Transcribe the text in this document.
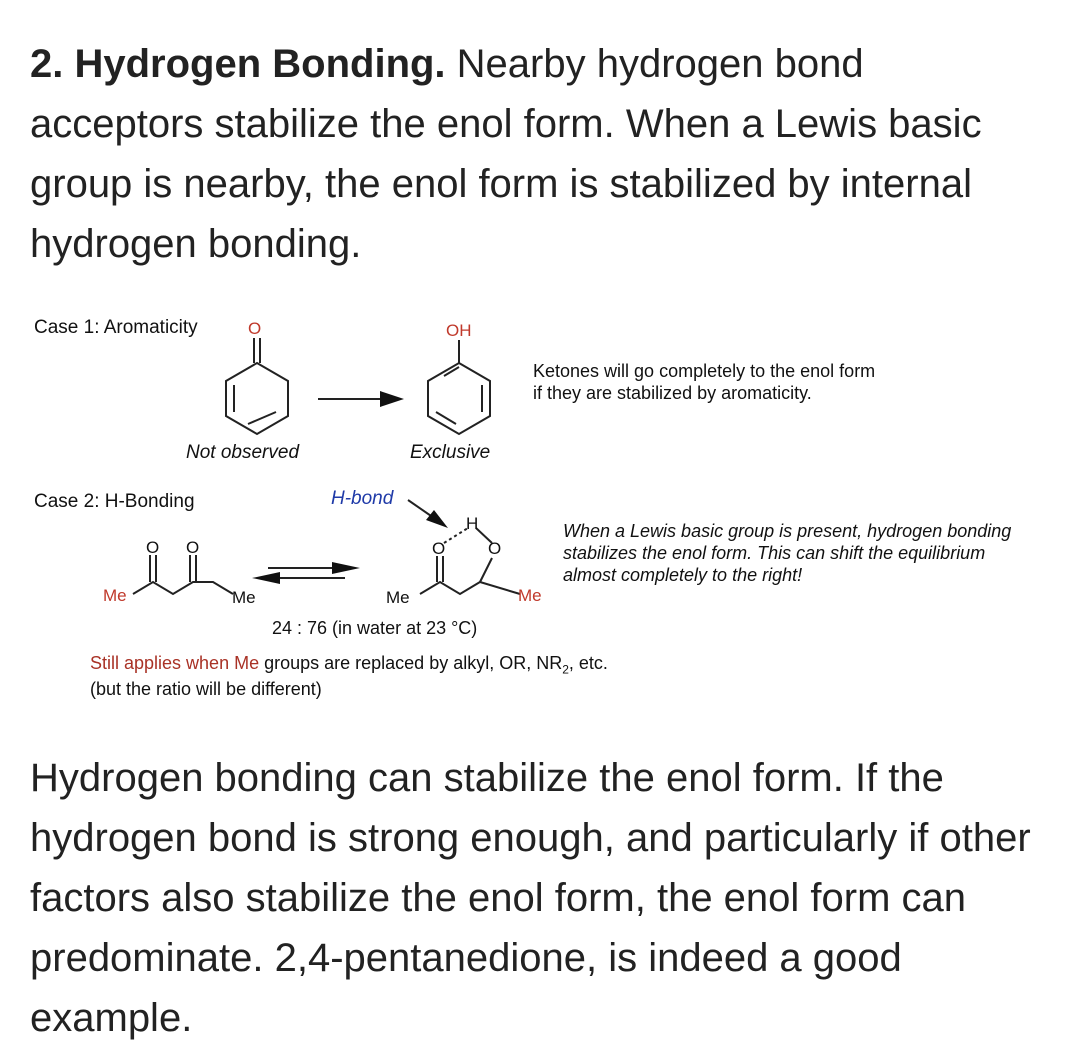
2. Hydrogen Bonding. Nearby hydrogen bond acceptors stabilize the enol form. When a Lewis basic group is nearby, the enol form is stabilized by internal hydrogen bonding.

Case 1: Aromaticity	O	OH
Not observed	Exclusive
Ketones will go completely to the enol form if they are stabilized by aromaticity.
Case 2: H-Bonding	H-bond
O O
Me	Me
H
O	O
Me	Me
24 : 76 (in water at 23 °C)
When a Lewis basic group is present, hydrogen bonding stabilizes the enol form. This can shift the equilibrium almost completely to the right!
Still applies when Me groups are replaced by alkyl, OR, $NR_2$, etc.
(but the ratio will be different)

Hydrogen bonding can stabilize the enol form. If the hydrogen bond is strong enough, and particularly if other factors also stabilize the enol form, the enol form can predominate. 2,4-pentanedione, is indeed a good example.
